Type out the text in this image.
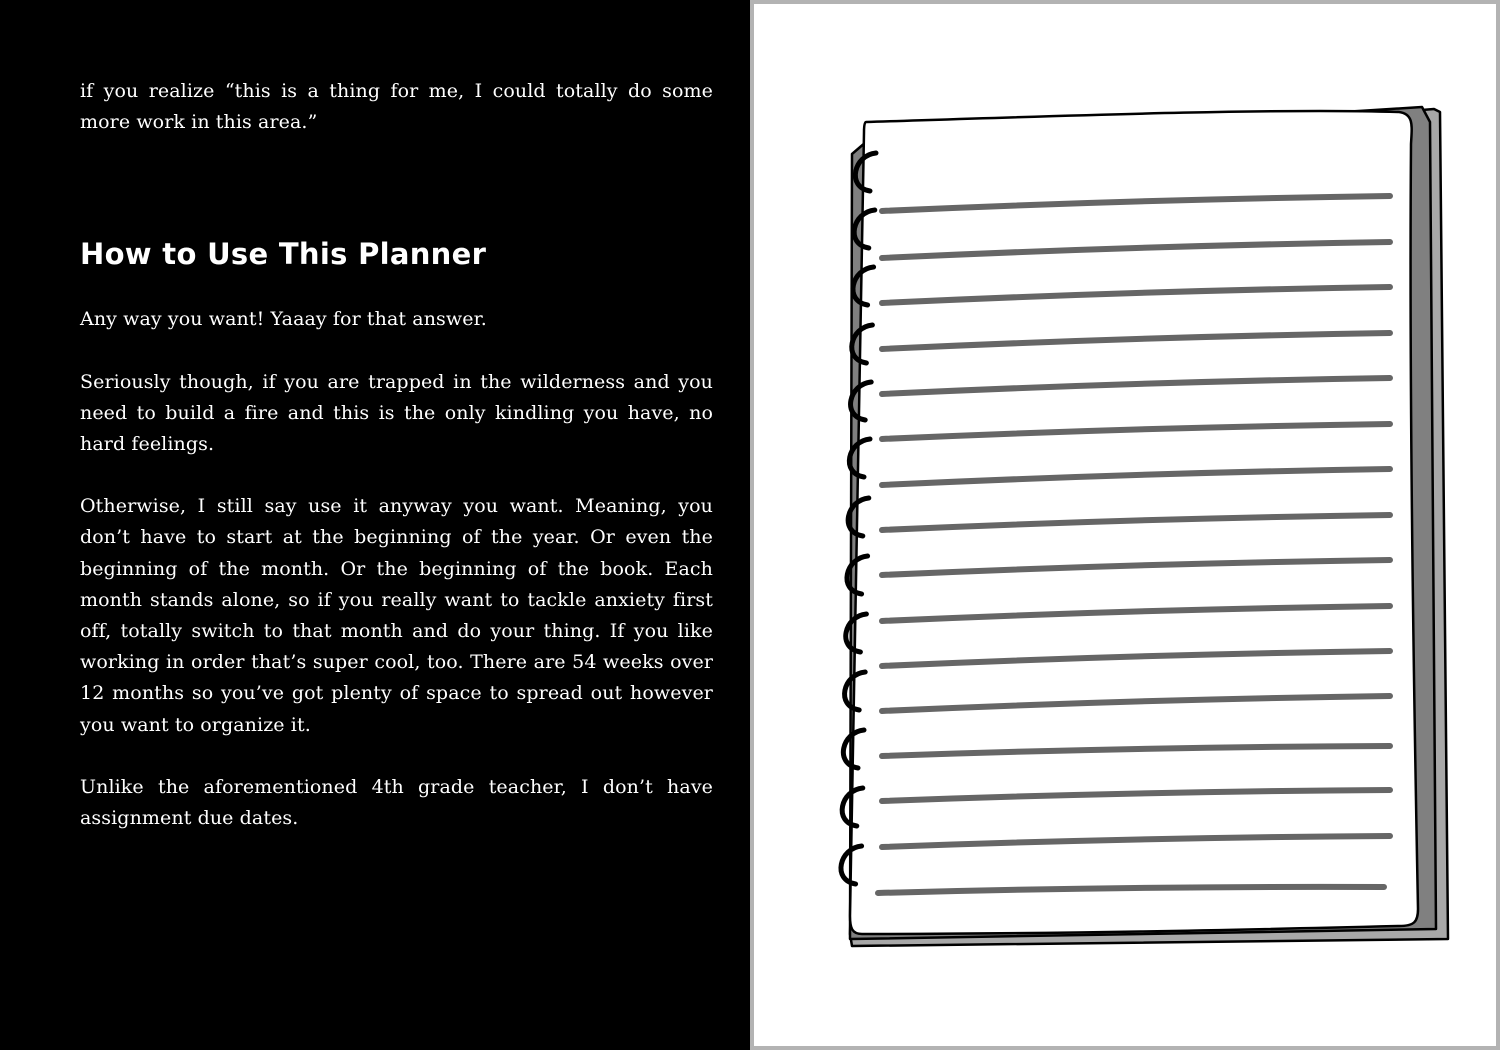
if you realize “this is a thing for me, I could totally do some more work in this area.”

How to Use This Planner

Any way you want! Yaaay for that answer.

Seriously though, if you are trapped in the wilderness and you need to build a fire and this is the only kindling you have, no hard feelings.

Otherwise, I still say use it anyway you want. Meaning, you don’t have to start at the beginning of the year. Or even the beginning of the month. Or the beginning of the book. Each month stands alone, so if you really want to tackle anxiety first off, totally switch to that month and do your thing. If you like working in order that’s super cool, too. There are 54 weeks over 12 months so you’ve got plenty of space to spread out however you want to organize it.

Unlike the aforementioned 4th grade teacher, I don’t have assignment due dates.
